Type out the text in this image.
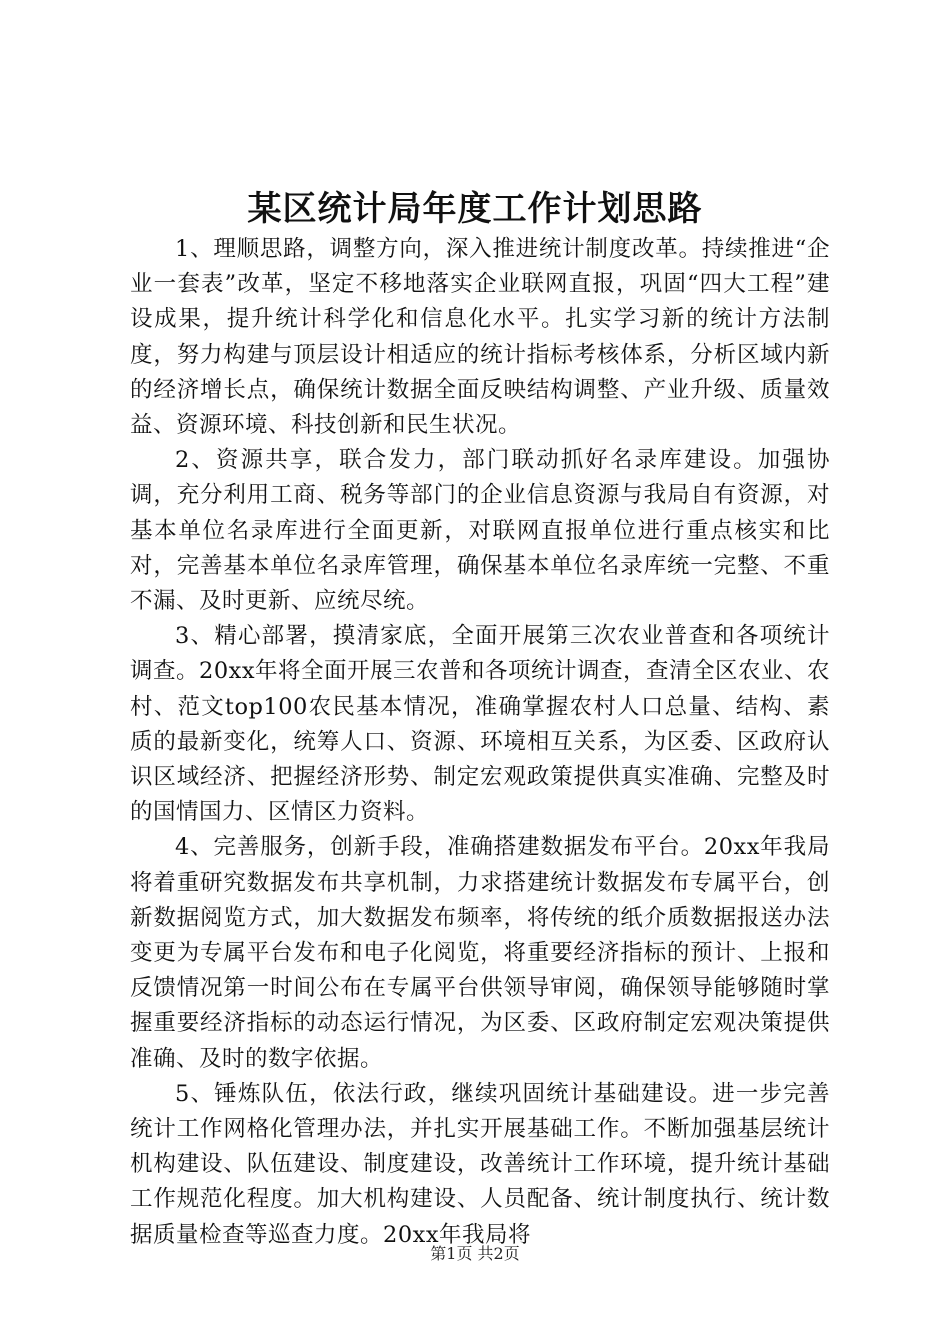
某区统计局年度工作计划思路

1、理顺思路，调整方向，深入推进统计制度改革。持续推进“企业一套表”改革，坚定不移地落实企业联网直报，巩固“四大工程”建设成果，提升统计科学化和信息化水平。扎实学习新的统计方法制度，努力构建与顶层设计相适应的统计指标考核体系，分析区域内新的经济增长点，确保统计数据全面反映结构调整、产业升级、质量效益、资源环境、科技创新和民生状况。

2、资源共享，联合发力，部门联动抓好名录库建设。加强协调，充分利用工商、税务等部门的企业信息资源与我局自有资源，对基本单位名录库进行全面更新，对联网直报单位进行重点核实和比对，完善基本单位名录库管理，确保基本单位名录库统一完整、不重不漏、及时更新、应统尽统。

3、精心部署，摸清家底，全面开展第三次农业普查和各项统计调查。20xx年将全面开展三农普和各项统计调查，查清全区农业、农村、范文top100农民基本情况，准确掌握农村人口总量、结构、素质的最新变化，统筹人口、资源、环境相互关系，为区委、区政府认识区域经济、把握经济形势、制定宏观政策提供真实准确、完整及时的国情国力、区情区力资料。

4、完善服务，创新手段，准确搭建数据发布平台。20xx年我局将着重研究数据发布共享机制，力求搭建统计数据发布专属平台，创新数据阅览方式，加大数据发布频率，将传统的纸介质数据报送办法变更为专属平台发布和电子化阅览，将重要经济指标的预计、上报和反馈情况第一时间公布在专属平台供领导审阅，确保领导能够随时掌握重要经济指标的动态运行情况，为区委、区政府制定宏观决策提供准确、及时的数字依据。

5、锤炼队伍，依法行政，继续巩固统计基础建设。进一步完善统计工作网格化管理办法，并扎实开展基础工作。不断加强基层统计机构建设、队伍建设、制度建设，改善统计工作环境，提升统计基础工作规范化程度。加大机构建设、人员配备、统计制度执行、统计数据质量检查等巡查力度。20xx年我局将

第1页 共2页
